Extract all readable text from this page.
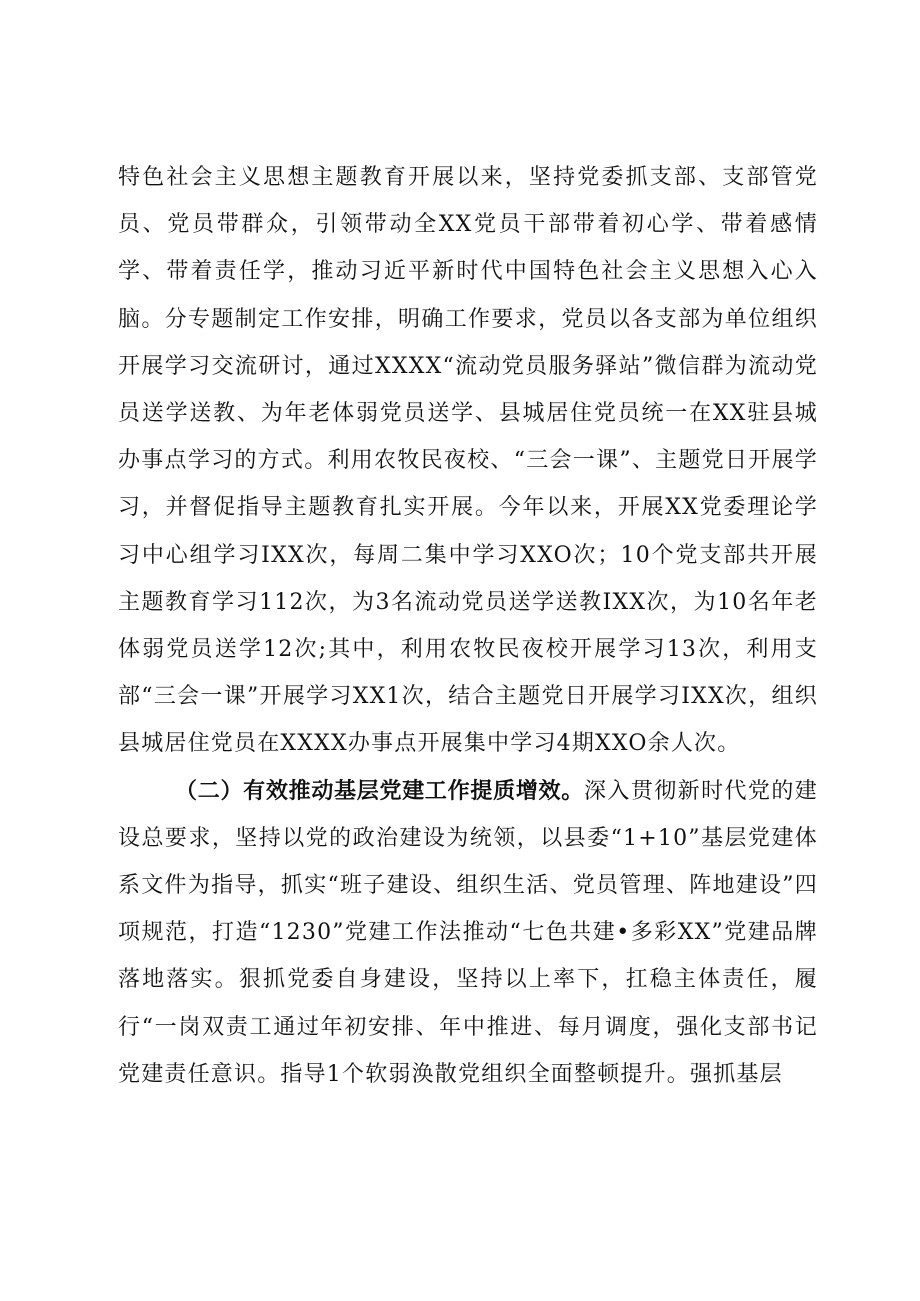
特色社会主义思想主题教育开展以来，坚持党委抓支部、支部管党员、党员带群众，引领带动全XX党员干部带着初心学、带着感情学、带着责任学，推动习近平新时代中国特色社会主义思想入心入脑。分专题制定工作安排，明确工作要求，党员以各支部为单位组织开展学习交流研讨，通过XXXX“流动党员服务驿站”微信群为流动党员送学送教、为年老体弱党员送学、县城居住党员统一在XX驻县城办事点学习的方式。利用农牧民夜校、“三会一课”、主题党日开展学习，并督促指导主题教育扎实开展。今年以来，开展XX党委理论学习中心组学习IXX次，每周二集中学习XXO次；10个党支部共开展主题教育学习112次，为3名流动党员送学送教IXX次，为10名年老体弱党员送学12次;其中，利用农牧民夜校开展学习13次，利用支部“三会一课”开展学习XX1次，结合主题党日开展学习IXX次，组织县城居住党员在XXXX办事点开展集中学习4期XXO余人次。

（二）有效推动基层党建工作提质增效。深入贯彻新时代党的建设总要求，坚持以党的政治建设为统领，以县委“1+10”基层党建体系文件为指导，抓实“班子建设、组织生活、党员管理、阵地建设”四项规范，打造“1230”党建工作法推动“七色共建•多彩XX”党建品牌落地落实。狠抓党委自身建设，坚持以上率下，扛稳主体责任，履行“一岗双责工通过年初安排、年中推进、每月调度，强化支部书记党建责任意识。指导1个软弱涣散党组织全面整顿提升。强抓基层
